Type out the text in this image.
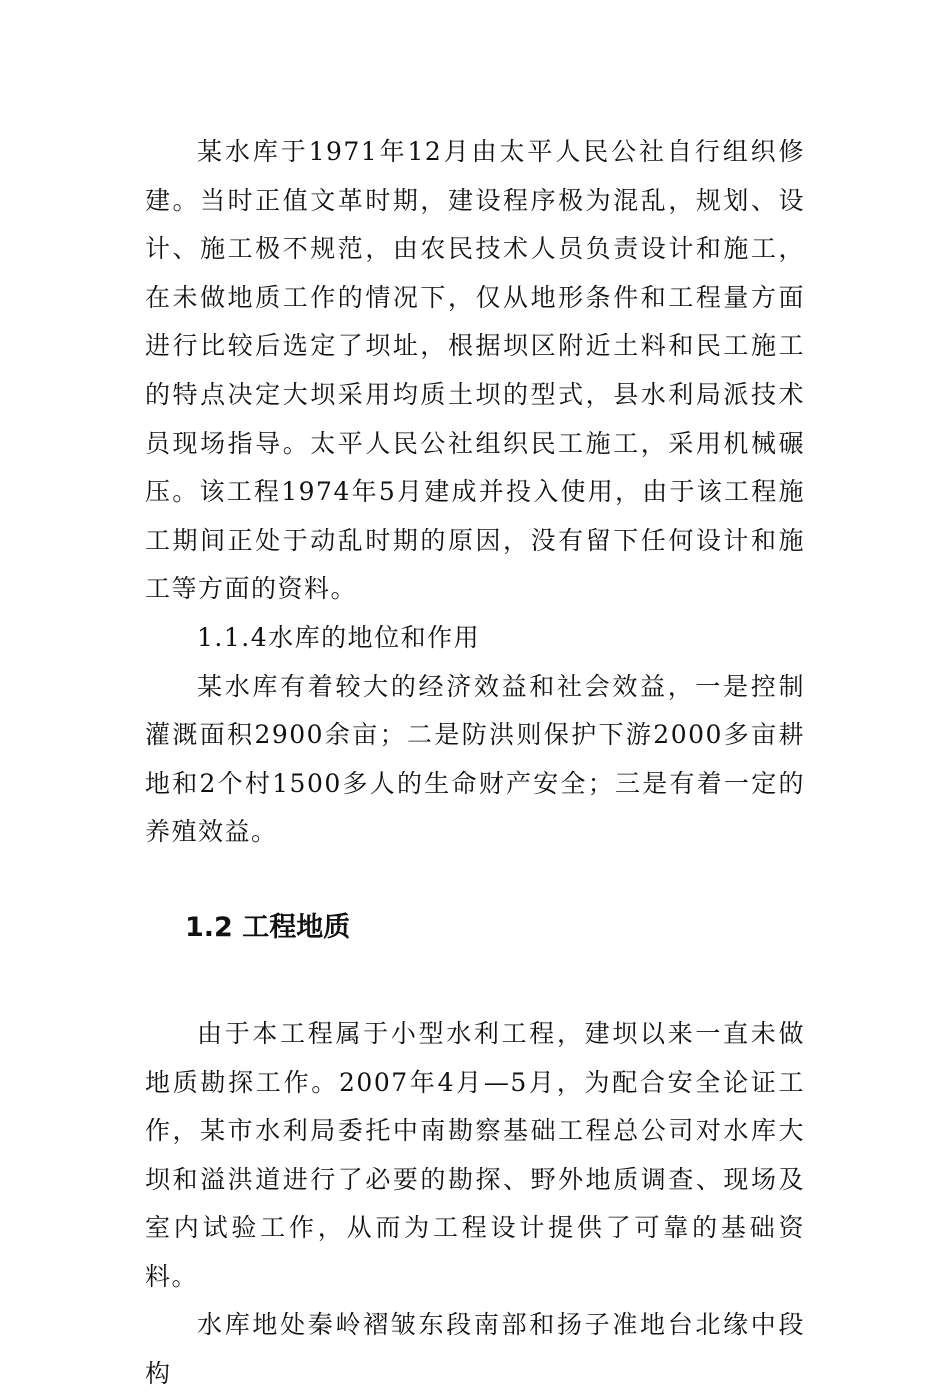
某水库于1971年12月由太平人民公社自行组织修建。当时正值文革时期，建设程序极为混乱，规划、设计、施工极不规范，由农民技术人员负责设计和施工，在未做地质工作的情况下，仅从地形条件和工程量方面进行比较后选定了坝址，根据坝区附近土料和民工施工的特点决定大坝采用均质土坝的型式，县水利局派技术员现场指导。太平人民公社组织民工施工，采用机械碾压。该工程1974年5月建成并投入使用，由于该工程施工期间正处于动乱时期的原因，没有留下任何设计和施工等方面的资料。

1.1.4水库的地位和作用

某水库有着较大的经济效益和社会效益，一是控制灌溉面积2900余亩；二是防洪则保护下游2000多亩耕地和2个村1500多人的生命财产安全；三是有着一定的养殖效益。

1.2 工程地质

由于本工程属于小型水利工程，建坝以来一直未做地质勘探工作。2007年4月—5月，为配合安全论证工作，某市水利局委托中南勘察基础工程总公司对水库大坝和溢洪道进行了必要的勘探、野外地质调查、现场及室内试验工作，从而为工程设计提供了可靠的基础资料。

水库地处秦岭褶皱东段南部和扬子准地台北缘中段构
